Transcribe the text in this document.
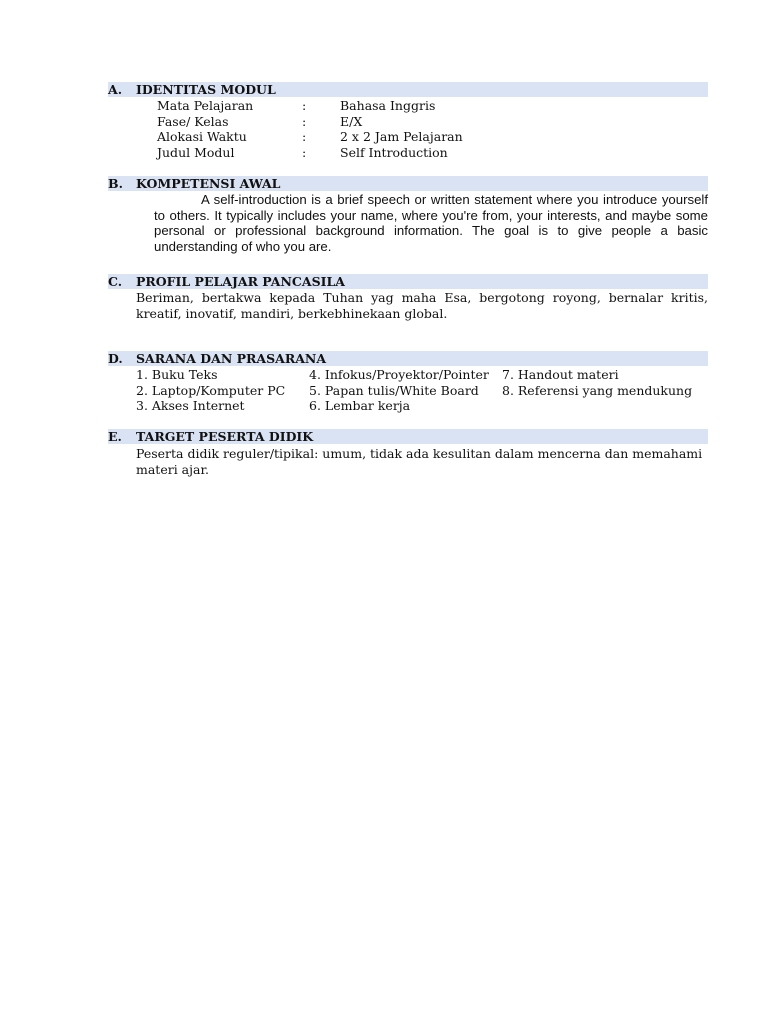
A. IDENTITAS MODUL
Mata Pelajaran	:	Bahasa Inggris
Fase/ Kelas	:	E/X
Alokasi Waktu	:	2 x 2 Jam Pelajaran
Judul Modul	:	Self Introduction
B. KOMPETENSI AWAL
A self-introduction is a brief speech or written statement where you introduce yourself to others. It typically includes your name, where you're from, your interests, and maybe some personal or professional background information. The goal is to give people a basic understanding of who you are.
C. PROFIL PELAJAR PANCASILA
Beriman, bertakwa kepada Tuhan yag maha Esa, bergotong royong, bernalar kritis, kreatif, inovatif, mandiri, berkebhinekaan global.
D. SARANA DAN PRASARANA
1. Buku Teks
2. Laptop/Komputer PC
3. Akses Internet
4. Infokus/Proyektor/Pointer
5. Papan tulis/White Board
6. Lembar kerja
7. Handout materi
8. Referensi yang mendukung
E. TARGET PESERTA DIDIK
Peserta didik reguler/tipikal: umum, tidak ada kesulitan dalam mencerna dan memahami
materi ajar.
